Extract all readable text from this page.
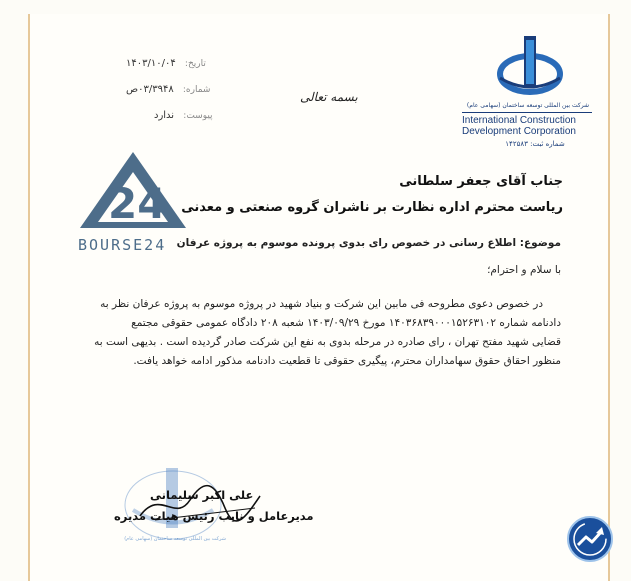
تاریخ: ۱۴۰۳/۱۰/۰۴
شماره: ۰۳/۳۹۴۸ص
پیوست: ندارد
بسمه تعالی
شرکت بین المللی توسعه ساختمان (سهامی عام)
International Construction
Development Corporation
شماره ثبت: ۱۴۲۵۸۳
24
BOURSE24
جناب آقای جعفر سلطانی
ریاست محترم اداره نظارت بر ناشران گروه صنعتی و معدنی
موضوع: اطلاع رسانی در خصوص رای بدوی پرونده موسوم به پروژه عرفان
با سلام و احترام؛
در خصوص دعوی مطروحه فی مابین این شرکت و بنیاد شهید در پروژه موسوم به پروژه عرفان نظر به
دادنامه شماره ۱۴۰۳۶۸۳۹۰۰۰۱۵۲۶۳۱۰۲ مورخ ۱۴۰۳/۰۹/۲۹ شعبه ۲۰۸ دادگاه عمومی حقوقی مجتمع
قضایی شهید مفتح تهران ، رای صادره در مرحله بدوی به نفع این شرکت صادر گردیده است . بدیهی است به
منظور احقاق حقوق سهامداران محترم، پیگیری حقوقی تا قطعیت دادنامه مذکور ادامه خواهد یافت.
شرکت بین المللی توسعه ساختمان (سهامی عام)
علی اکبر سلیمانی
مدیرعامل و نایب رئیس هیات مدیره
